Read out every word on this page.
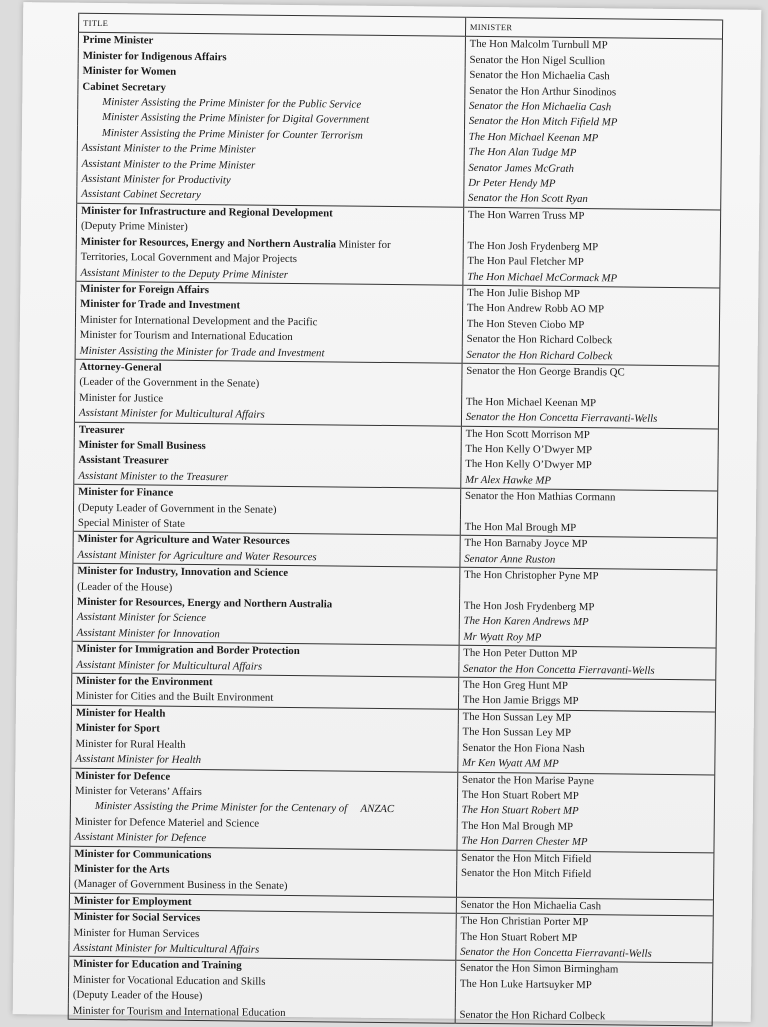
TITLE	MINISTER
Prime Minister	The Hon Malcolm Turnbull MP
Minister for Indigenous Affairs	Senator the Hon Nigel Scullion
Minister for Women	Senator the Hon Michaelia Cash
Cabinet Secretary	Senator the Hon Arthur Sinodinos
Minister Assisting the Prime Minister for the Public Service	Senator the Hon Michaelia Cash
Minister Assisting the Prime Minister for Digital Government	Senator the Hon Mitch Fifield MP
Minister Assisting the Prime Minister for Counter Terrorism	The Hon Michael Keenan MP
Assistant Minister to the Prime Minister	The Hon Alan Tudge MP
Assistant Minister to the Prime Minister	Senator James McGrath
Assistant Minister for Productivity	Dr Peter Hendy MP
Assistant Cabinet Secretary	Senator the Hon Scott Ryan
Minister for Infrastructure and Regional Development	The Hon Warren Truss MP
(Deputy Prime Minister)	
Minister for Resources, Energy and Northern Australia Minister for	The Hon Josh Frydenberg MP
Territories, Local Government and Major Projects	The Hon Paul Fletcher MP
Assistant Minister to the Deputy Prime Minister	The Hon Michael McCormack MP
Minister for Foreign Affairs	The Hon Julie Bishop MP
Minister for Trade and Investment	The Hon Andrew Robb AO MP
Minister for International Development and the Pacific	The Hon Steven Ciobo MP
Minister for Tourism and International Education	Senator the Hon Richard Colbeck
Minister Assisting the Minister for Trade and Investment	Senator the Hon Richard Colbeck
Attorney-General	Senator the Hon George Brandis QC
(Leader of the Government in the Senate)	
Minister for Justice	The Hon Michael Keenan MP
Assistant Minister for Multicultural Affairs	Senator the Hon Concetta Fierravanti-Wells
Treasurer	The Hon Scott Morrison MP
Minister for Small Business	The Hon Kelly O’Dwyer MP
Assistant Treasurer	The Hon Kelly O’Dwyer MP
Assistant Minister to the Treasurer	Mr Alex Hawke MP
Minister for Finance	Senator the Hon Mathias Cormann
(Deputy Leader of Government in the Senate)	
Special Minister of State	The Hon Mal Brough MP
Minister for Agriculture and Water Resources	The Hon Barnaby Joyce MP
Assistant Minister for Agriculture and Water Resources	Senator Anne Ruston
Minister for Industry, Innovation and Science	The Hon Christopher Pyne MP
(Leader of the House)	
Minister for Resources, Energy and Northern Australia	The Hon Josh Frydenberg MP
Assistant Minister for Science	The Hon Karen Andrews MP
Assistant Minister for Innovation	Mr Wyatt Roy MP
Minister for Immigration and Border Protection	The Hon Peter Dutton MP
Assistant Minister for Multicultural Affairs	Senator the Hon Concetta Fierravanti-Wells
Minister for the Environment	The Hon Greg Hunt MP
Minister for Cities and the Built Environment	The Hon Jamie Briggs MP
Minister for Health	The Hon Sussan Ley MP
Minister for Sport	The Hon Sussan Ley MP
Minister for Rural Health	Senator the Hon Fiona Nash
Assistant Minister for Health	Mr Ken Wyatt AM MP
Minister for Defence	Senator the Hon Marise Payne
Minister for Veterans’ Affairs	The Hon Stuart Robert MP
Minister Assisting the Prime Minister for the Centenary of     ANZAC	The Hon Stuart Robert MP
Minister for Defence Materiel and Science	The Hon Mal Brough MP
Assistant Minister for Defence	The Hon Darren Chester MP
Minister for Communications	Senator the Hon Mitch Fifield
Minister for the Arts	Senator the Hon Mitch Fifield
(Manager of Government Business in the Senate)	
Minister for Employment	Senator the Hon Michaelia Cash
Minister for Social Services	The Hon Christian Porter MP
Minister for Human Services	The Hon Stuart Robert MP
Assistant Minister for Multicultural Affairs	Senator the Hon Concetta Fierravanti-Wells
Minister for Education and Training	Senator the Hon Simon Birmingham
Minister for Vocational Education and Skills	The Hon Luke Hartsuyker MP
(Deputy Leader of the House)	
Minister for Tourism and International Education	Senator the Hon Richard Colbeck
